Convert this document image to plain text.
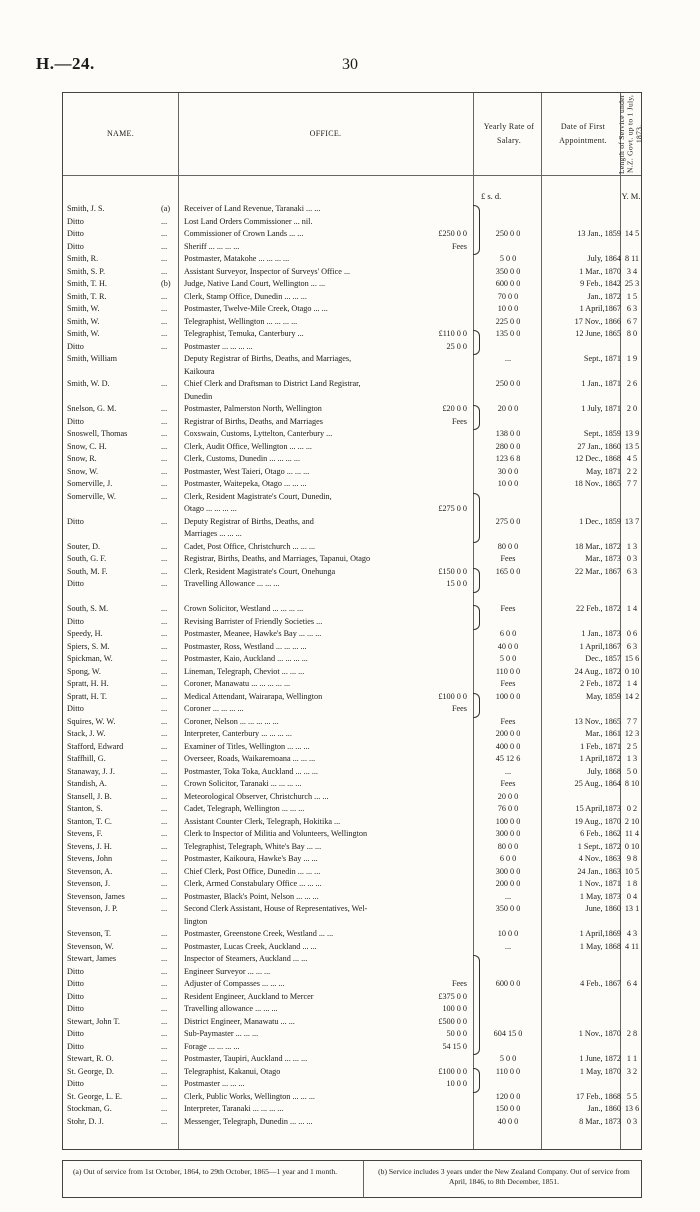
H.—24.	30
NAME.	OFFICE.
Yearly Rate of Salary.
Date of First Appointment.	Length of Service under N.Z. Govt. up to 1 July, 1873.
£ s. d.	Y. M.
Smith, J. S.	(a) Receiver of Land Revenue, Taranaki ... ...
Ditto	... Lost Land Orders Commissioner ... nil.
Ditto	... Commissioner of Crown Lands ... ...	£250 0 0	250 0 0	13 Jan., 1859 14 5
Ditto	... Sheriff ... ... ... ...	Fees
Smith, R.	... Postmaster, Matakohe ... ... ... ...	5 0 0	July, 1864 8 11
Smith, S. P.	... Assistant Surveyor, Inspector of Surveys' Office ...	350 0 0	1 Mar., 1870 3 4
Smith, T. H.	(b) Judge, Native Land Court, Wellington ... ...	600 0 0	9 Feb., 1842 25 3
Smith, T. R.	... Clerk, Stamp Office, Dunedin ... ... ...	70 0 0	Jan., 1872 1 5
Smith, W.	... Postmaster, Twelve-Mile Creek, Otago ... ...	10 0 0	1 April,1867 6 3
Smith, W.	... Telegraphist, Wellington ... ... ... ...	225 0 0	17 Nov., 1866 6 7
Smith, W.	... Telegraphist, Temuka, Canterbury ...	£110 0 0	135 0 0	12 June, 1865 8 0
Ditto	... Postmaster ... ... ... ...	25 0 0
Smith, William	Deputy Registrar of Births, Deaths, and Marriages,	...	Sept., 1871 1 9
Kaikoura
Smith, W. D.	... Chief Clerk and Draftsman to District Land Registrar,	250 0 0	1 Jan., 1871 2 6
Dunedin
Snelson, G. M.	... Postmaster, Palmerston North, Wellington	£20 0 0	20 0 0	1 July, 1871 2 0
Ditto	... Registrar of Births, Deaths, and Marriages	Fees
Snoswell, Thomas	... Coxswain, Customs, Lyttelton, Canterbury ...	138 0 0	Sept., 1859 13 9
Snow, C. H.	... Clerk, Audit Office, Wellington ... ... ...	280 0 0	27 Jan., 1860 13 5
Snow, R.	... Clerk, Customs, Dunedin ... ... ... ...	123 6 8	12 Dec., 1868 4 5
Snow, W.	... Postmaster, West Taieri, Otago ... ... ...	30 0 0	May, 1871 2 2
Somerville, J.	... Postmaster, Waitepeka, Otago ... ... ...	10 0 0	18 Nov., 1865 7 7
Somerville, W.	... Clerk, Resident Magistrate's Court, Dunedin,
Otago ... ... ... ...	£275 0 0
Ditto	... Deputy Registrar of Births, Deaths, and	275 0 0	1 Dec., 1859 13 7
Marriages ... ... ...
Souter, D.	... Cadet, Post Office, Christchurch ... ... ...	80 0 0	18 Mar., 1872 1 3
South, G. F.	... Registrar, Births, Deaths, and Marriages, Tapanui, Otago	Fees	Mar., 1873 0 3
South, M. F.	... Clerk, Resident Magistrate's Court, Onehunga	£150 0 0	165 0 0	22 Mar., 1867 6 3
Ditto	... Travelling Allowance ... ... ...	15 0 0
South, S. M.	... Crown Solicitor, Westland ... ... ... ...	Fees	22 Feb., 1872 1 4
Ditto	... Revising Barrister of Friendly Societies ...
Speedy, H.	... Postmaster, Meanee, Hawke's Bay ... ... ...	6 0 0	1 Jan., 1873 0 6
Spiers, S. M.	... Postmaster, Ross, Westland ... ... ... ...	40 0 0	1 April,1867 6 3
Spickman, W.	... Postmaster, Kaio, Auckland ... ... ... ...	5 0 0	Dec., 1857 15 6
Spong, W.	... Lineman, Telegraph, Cheviot ... ... ...	110 0 0	24 Aug., 1872 0 10
Spratt, H. H.	... Coroner, Manawatu ... ... ... ... ...	Fees	2 Feb., 1872 1 4
Spratt, H. T.	... Medical Attendant, Wairarapa, Wellington	£100 0 0	100 0 0	May, 1859 14 2
Ditto	... Coroner ... ... ... ...	Fees
Squires, W. W.	... Coroner, Nelson ... ... ... ... ...	Fees	13 Nov., 1865 7 7
Stack, J. W.	... Interpreter, Canterbury ... ... ... ...	200 0 0	Mar., 1861 12 3
Stafford, Edward	... Examiner of Titles, Wellington ... ... ...	400 0 0	1 Feb., 1871 2 5
Staffhill, G.	... Overseer, Roads, Waikaremoana ... ... ...	45 12 6	1 April,1872 1 3
Stanaway, J. J.	... Postmaster, Toka Toka, Auckland ... ... ...	...	July, 1868 5 0
Standish, A.	... Crown Solicitor, Taranaki ... ... ... ...	Fees	25 Aug., 1864 8 10
Stansell, J. B.	... Meteorological Observer, Christchurch ... ...	20 0 0
Stanton, S.	... Cadet, Telegraph, Wellington ... ... ...	76 0 0	15 April,1873 0 2
Stanton, T. C.	... Assistant Counter Clerk, Telegraph, Hokitika ...	100 0 0	19 Aug., 1870 2 10
Stevens, F.	... Clerk to Inspector of Militia and Volunteers, Wellington	300 0 0	6 Feb., 1862 11 4
Stevens, J. H.	... Telegraphist, Telegraph, White's Bay ... ...	80 0 0	1 Sept., 1872 0 10
Stevens, John	... Postmaster, Kaikoura, Hawke's Bay ... ...	6 0 0	4 Nov., 1863 9 8
Stevenson, A.	... Chief Clerk, Post Office, Dunedin ... ... ...	300 0 0	24 Jan., 1863 10 5
Stevenson, J.	... Clerk, Armed Constabulary Office ... ... ...	200 0 0	1 Nov., 1871 1 8
Stevenson, James	... Postmaster, Black's Point, Nelson ... ... ...	...	1 May, 1873 0 4
Stevenson, J. P.	... Second Clerk Assistant, House of Representatives, Wel-	350 0 0	June, 1860 13 1
lington
Stevenson, T.	... Postmaster, Greenstone Creek, Westland ... ...	10 0 0	1 April,1869 4 3
Stevenson, W.	... Postmaster, Lucas Creek, Auckland ... ...	...	1 May, 1868 4 11
Stewart, James	... Inspector of Steamers, Auckland ... ...
Ditto	... Engineer Surveyor ... ... ...
Ditto	... Adjuster of Compasses ... ... ...	Fees	600 0 0	4 Feb., 1867 6 4
Ditto	... Resident Engineer, Auckland to Mercer	£375 0 0
Ditto	... Travelling allowance ... ... ...	100 0 0
Stewart, John T.	... District Engineer, Manawatu ... ...	£500 0 0
Ditto	... Sub-Paymaster ... ... ...	50 0 0	604 15 0	1 Nov., 1870 2 8
Ditto	... Forage ... ... ... ...	54 15 0
Stewart, R. O.	... Postmaster, Taupiri, Auckland ... ... ...	5 0 0	1 June, 1872 1 1
St. George, D.	... Telegraphist, Kakanui, Otago	£100 0 0	110 0 0	1 May, 1870 3 2
Ditto	... Postmaster ... ... ...	10 0 0
St. George, L. E.	... Clerk, Public Works, Wellington ... ... ...	120 0 0	17 Feb., 1868 5 5
Stockman, G.	... Interpreter, Taranaki ... ... ... ...	150 0 0	Jan., 1860 13 6
Stohr, D. J.	... Messenger, Telegraph, Dunedin ... ... ...	40 0 0	8 Mar., 1873 0 3
(a) Out of service from 1st October, 1864, to 29th October, 1865—1 year and 1 month.	(b) Service includes 3 years under the New Zealand Company. Out of service from April, 1846, to 8th December, 1851.
